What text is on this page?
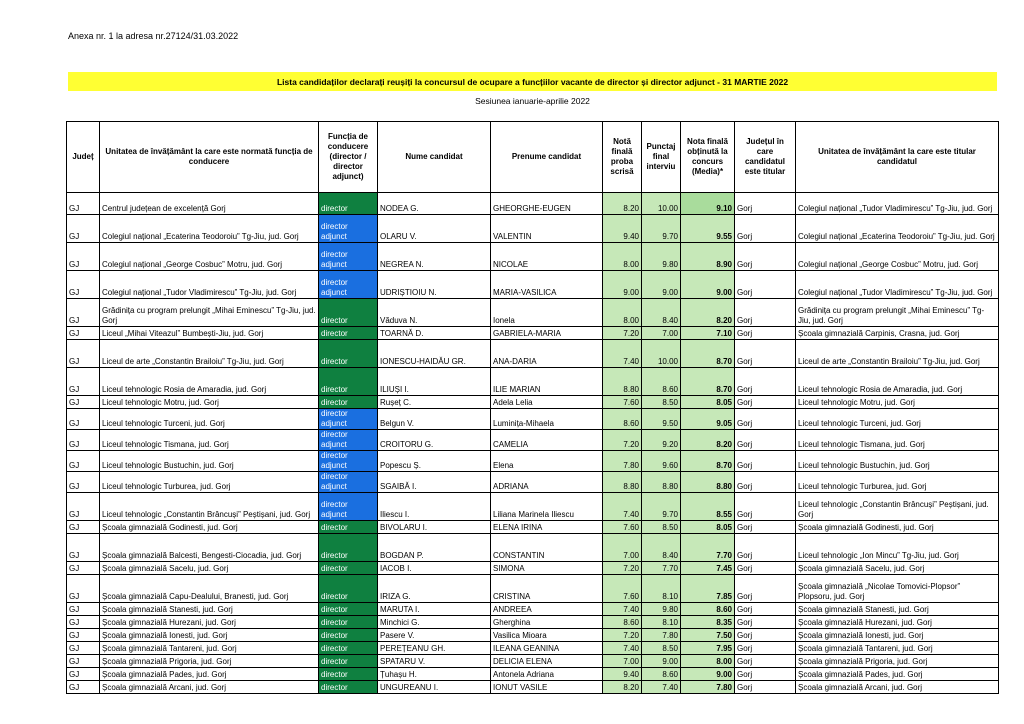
Anexa nr. 1 la adresa nr.27124/31.03.2022
Lista candidaților declarați reușiți la concursul de ocupare a funcțiilor vacante de director și director adjunct - 31 MARTIE 2022
Sesiunea ianuarie-aprilie 2022
Județ	Unitatea de învățământ la care este normată funcția de conducere	Funcția de conducere (director / director adjunct)	Nume candidat	Prenume candidat	Notă finală proba scrisă	Punctaj final interviu	Nota finală obținută la concurs (Media)*	Județul în care candidatul este titular	Unitatea de învățământ la care este titular candidatul
GJ	Centrul județean de excelență Gorj	director	NODEA G.	GHEORGHE-EUGEN	8.20	10.00	9.10	Gorj	Colegiul național „Tudor Vladimirescu” Tg-Jiu, jud. Gorj
GJ	Colegiul național „Ecaterina Teodoroiu” Tg-Jiu, jud. Gorj	director adjunct	OLARU V.	VALENTIN	9.40	9.70	9.55	Gorj	Colegiul național „Ecaterina Teodoroiu” Tg-Jiu, jud. Gorj
GJ	Colegiul național „George Cosbuc” Motru, jud. Gorj	director adjunct	NEGREA N.	NICOLAE	8.00	9.80	8.90	Gorj	Colegiul național „George Cosbuc” Motru, jud. Gorj
GJ	Colegiul național „Tudor Vladimirescu” Tg-Jiu, jud. Gorj	director adjunct	UDRIȘTIOIU N.	MARIA-VASILICA	9.00	9.00	9.00	Gorj	Colegiul național „Tudor Vladimirescu” Tg-Jiu, jud. Gorj
GJ	Grădinița cu program prelungit „Mihai Eminescu” Tg-Jiu, jud. Gorj	director	Văduva N.	Ionela	8.00	8.40	8.20	Gorj	Grădinița cu program prelungit „Mihai Eminescu” Tg-Jiu, jud. Gorj
GJ	Liceul „Mihai Viteazul” Bumbești-Jiu, jud. Gorj	director	TOARNĂ D.	GABRIELA-MARIA	7.20	7.00	7.10	Gorj	Școala gimnazială Carpinis, Crasna, jud. Gorj
GJ	Liceul de arte „Constantin Brailoiu” Tg-Jiu, jud. Gorj	director	IONESCU-HAIDĂU GR.	ANA-DARIA	7.40	10.00	8.70	Gorj	Liceul de arte „Constantin Brailoiu” Tg-Jiu, jud. Gorj
GJ	Liceul tehnologic Rosia de Amaradia, jud. Gorj	director	ILIUȘI I.	ILIE MARIAN	8.80	8.60	8.70	Gorj	Liceul tehnologic Rosia de Amaradia, jud. Gorj
GJ	Liceul tehnologic Motru, jud. Gorj	director	Rușeț C.	Adela Lelia	7.60	8.50	8.05	Gorj	Liceul tehnologic Motru, jud. Gorj
GJ	Liceul tehnologic Turceni, jud. Gorj	director adjunct	Belgun V.	Luminița-Mihaela	8.60	9.50	9.05	Gorj	Liceul tehnologic Turceni, jud. Gorj
GJ	Liceul tehnologic Tismana, jud. Gorj	director adjunct	CROITORU G.	CAMELIA	7.20	9.20	8.20	Gorj	Liceul tehnologic Tismana, jud. Gorj
GJ	Liceul tehnologic Bustuchin, jud. Gorj	director adjunct	Popescu Ș.	Elena	7.80	9.60	8.70	Gorj	Liceul tehnologic Bustuchin, jud. Gorj
GJ	Liceul tehnologic Turburea, jud. Gorj	director adjunct	SGAIBĂ I.	ADRIANA	8.80	8.80	8.80	Gorj	Liceul tehnologic Turburea, jud. Gorj
GJ	Liceul tehnologic „Constantin Brâncuși” Peștișani, jud. Gorj	director adjunct	Iliescu I.	Liliana Marinela Iliescu	7.40	9.70	8.55	Gorj	Liceul tehnologic „Constantin Brâncuși” Peștișani, jud. Gorj
GJ	Școala gimnazială Godinesti, jud. Gorj	director	BIVOLARU I.	ELENA IRINA	7.60	8.50	8.05	Gorj	Școala gimnazială Godinesti, jud. Gorj
GJ	Școala gimnazială Balcesti, Bengesti-Ciocadia, jud. Gorj	director	BOGDAN P.	CONSTANTIN	7.00	8.40	7.70	Gorj	Liceul tehnologic „Ion Mincu” Tg-Jiu, jud. Gorj
GJ	Școala gimnazială Sacelu, jud. Gorj	director	IACOB I.	SIMONA	7.20	7.70	7.45	Gorj	Școala gimnazială Sacelu, jud. Gorj
GJ	Școala gimnazială Capu-Dealului, Branesti, jud. Gorj	director	IRIZA G.	CRISTINA	7.60	8.10	7.85	Gorj	Școala gimnazială „Nicolae Tomovici-Plopsor” Plopsoru, jud. Gorj
GJ	Școala gimnazială Stanesti, jud. Gorj	director	MARUTA I.	ANDREEA	7.40	9.80	8.60	Gorj	Școala gimnazială Stanesti, jud. Gorj
GJ	Școala gimnazială Hurezani, jud. Gorj	director	Minchici G.	Gherghina	8.60	8.10	8.35	Gorj	Școala gimnazială Hurezani, jud. Gorj
GJ	Școala gimnazială Ionesti, jud. Gorj	director	Pasere V.	Vasilica Mioara	7.20	7.80	7.50	Gorj	Școala gimnazială Ionesti, jud. Gorj
GJ	Școala gimnazială Tantareni, jud. Gorj	director	PEREȚEANU GH.	ILEANA GEANINA	7.40	8.50	7.95	Gorj	Școala gimnazială Tantareni, jud. Gorj
GJ	Școala gimnazială Prigoria, jud. Gorj	director	SPATARU V.	DELICIA ELENA	7.00	9.00	8.00	Gorj	Școala gimnazială Prigoria, jud. Gorj
GJ	Școala gimnazială Pades, jud. Gorj	director	Țuhașu H.	Antonela Adriana	9.40	8.60	9.00	Gorj	Școala gimnazială Pades, jud. Gorj
GJ	Școala gimnazială Arcani, jud. Gorj	director	UNGUREANU I.	IONUT VASILE	8.20	7.40	7.80	Gorj	Școala gimnazială Arcani, jud. Gorj
